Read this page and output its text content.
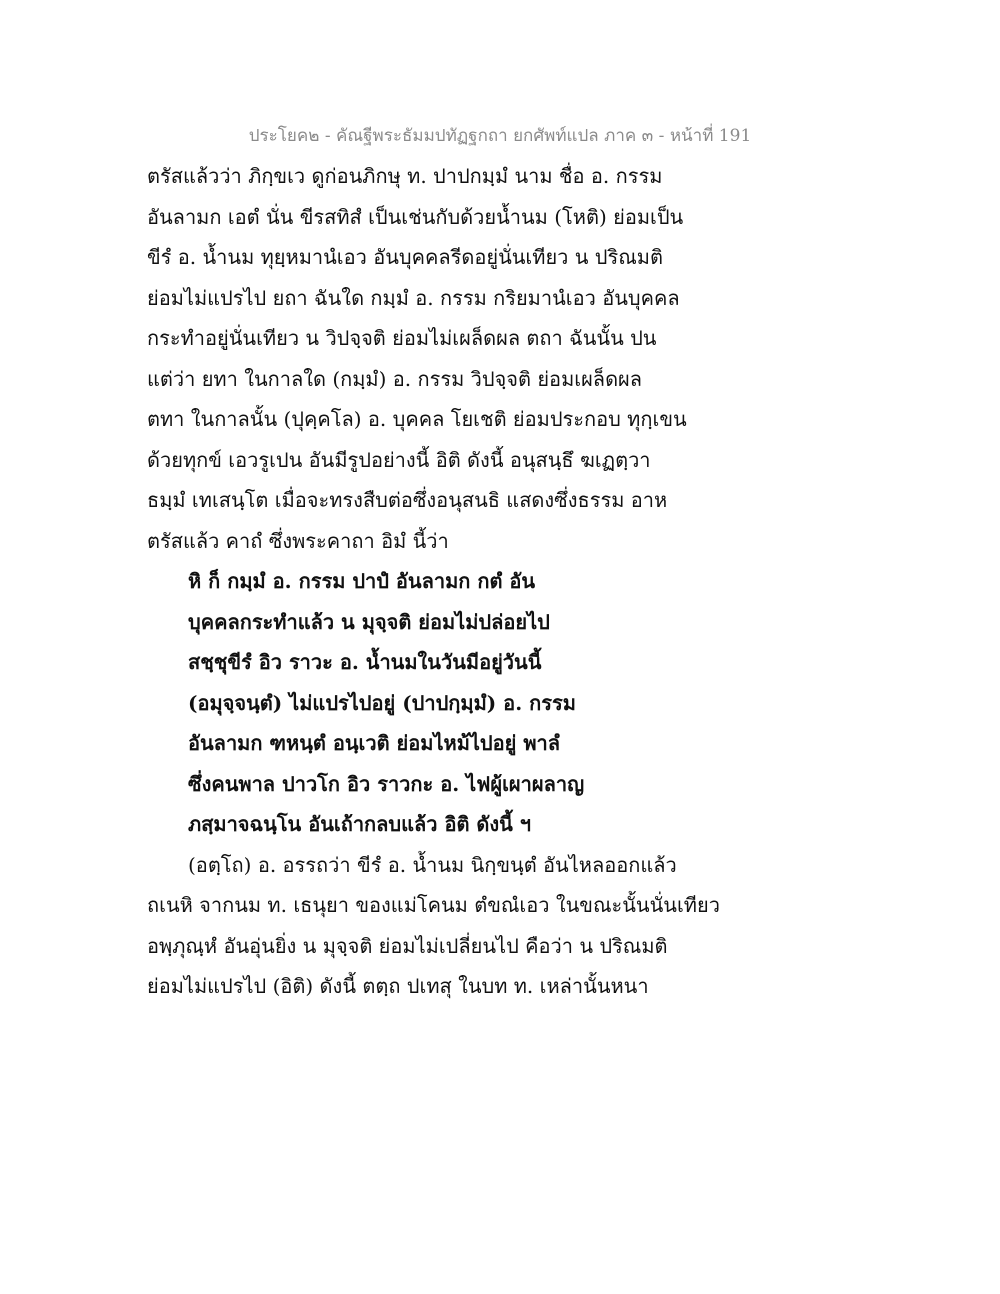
ประโยค๒ - คัณฐีพระธัมมปทัฏฐกถา ยกศัพท์แปล ภาค ๓ - หน้าที่ 191
ตรัสแล้วว่า ภิกฺขเว ดูก่อนภิกษุ ท. ปาปกมฺมํ นาม ชื่อ อ. กรรม
อันลามก เอตํ นั่น ขีรสทิสํ เป็นเช่นกับด้วยน้ำนม (โหติ) ย่อมเป็น
ขีรํ อ. น้ำนม ทุยฺหมานํเอว อันบุคคลรีดอยู่นั่นเทียว น ปริณมติ
ย่อมไม่แปรไป ยถา ฉันใด กมฺมํ อ. กรรม กริยมานํเอว อันบุคคล
กระทำอยู่นั่นเทียว น วิปจฺจติ ย่อมไม่เผล็ดผล ตถา ฉันนั้น ปน
แต่ว่า ยทา ในกาลใด (กมฺมํ) อ. กรรม วิปจฺจติ ย่อมเผล็ดผล
ตทา ในกาลนั้น (ปุคฺคโล) อ. บุคคล โยเชติ ย่อมประกอบ ทุกฺเขน
ด้วยทุกข์ เอวรูเปน อันมีรูปอย่างนี้ อิติ ดังนี้ อนุสนฺธึ ฆเฏตฺวา
ธมฺมํ เทเสนฺโต เมื่อจะทรงสืบต่อซึ่งอนุสนธิ แสดงซึ่งธรรม อาห
ตรัสแล้ว คาถํ ซึ่งพระคาถา อิมํ นี้ว่า
หิ ก็ กมฺมํ อ. กรรม ปาปํ อันลามก กตํ อัน
บุคคลกระทำแล้ว น มุจฺจติ ย่อมไม่ปล่อยไป
สชฺชุขีรํ อิว ราวะ อ. น้ำนมในวันมีอยู่วันนี้
(อมุจฺจนฺตํ) ไม่แปรไปอยู่ (ปาปกฺมฺมํ) อ. กรรม
อันลามก ฑหนฺตํ อนฺเวติ ย่อมไหม้ไปอยู่ พาลํ
ซึ่งคนพาล ปาวโก อิว ราวกะ อ. ไฟผู้เผาผลาญ
ภสฺมาจฉนฺโน อันเถ้ากลบแล้ว อิติ ดังนี้ ฯ
(อตฺโถ) อ. อรรถว่า ขีรํ อ. น้ำนม นิกฺขนฺตํ อันไหลออกแล้ว
ถเนหิ จากนม ท. เธนุยา ของแม่โคนม ตํขณํเอว ในขณะนั้นนั่นเทียว
อพฺภุณฺหํ อันอุ่นยิ่ง น มุจฺจติ ย่อมไม่เปลี่ยนไป คือว่า น ปริณมติ
ย่อมไม่แปรไป (อิติ) ดังนี้ ตตฺถ ปเทสุ ในบท ท. เหล่านั้นหนา
